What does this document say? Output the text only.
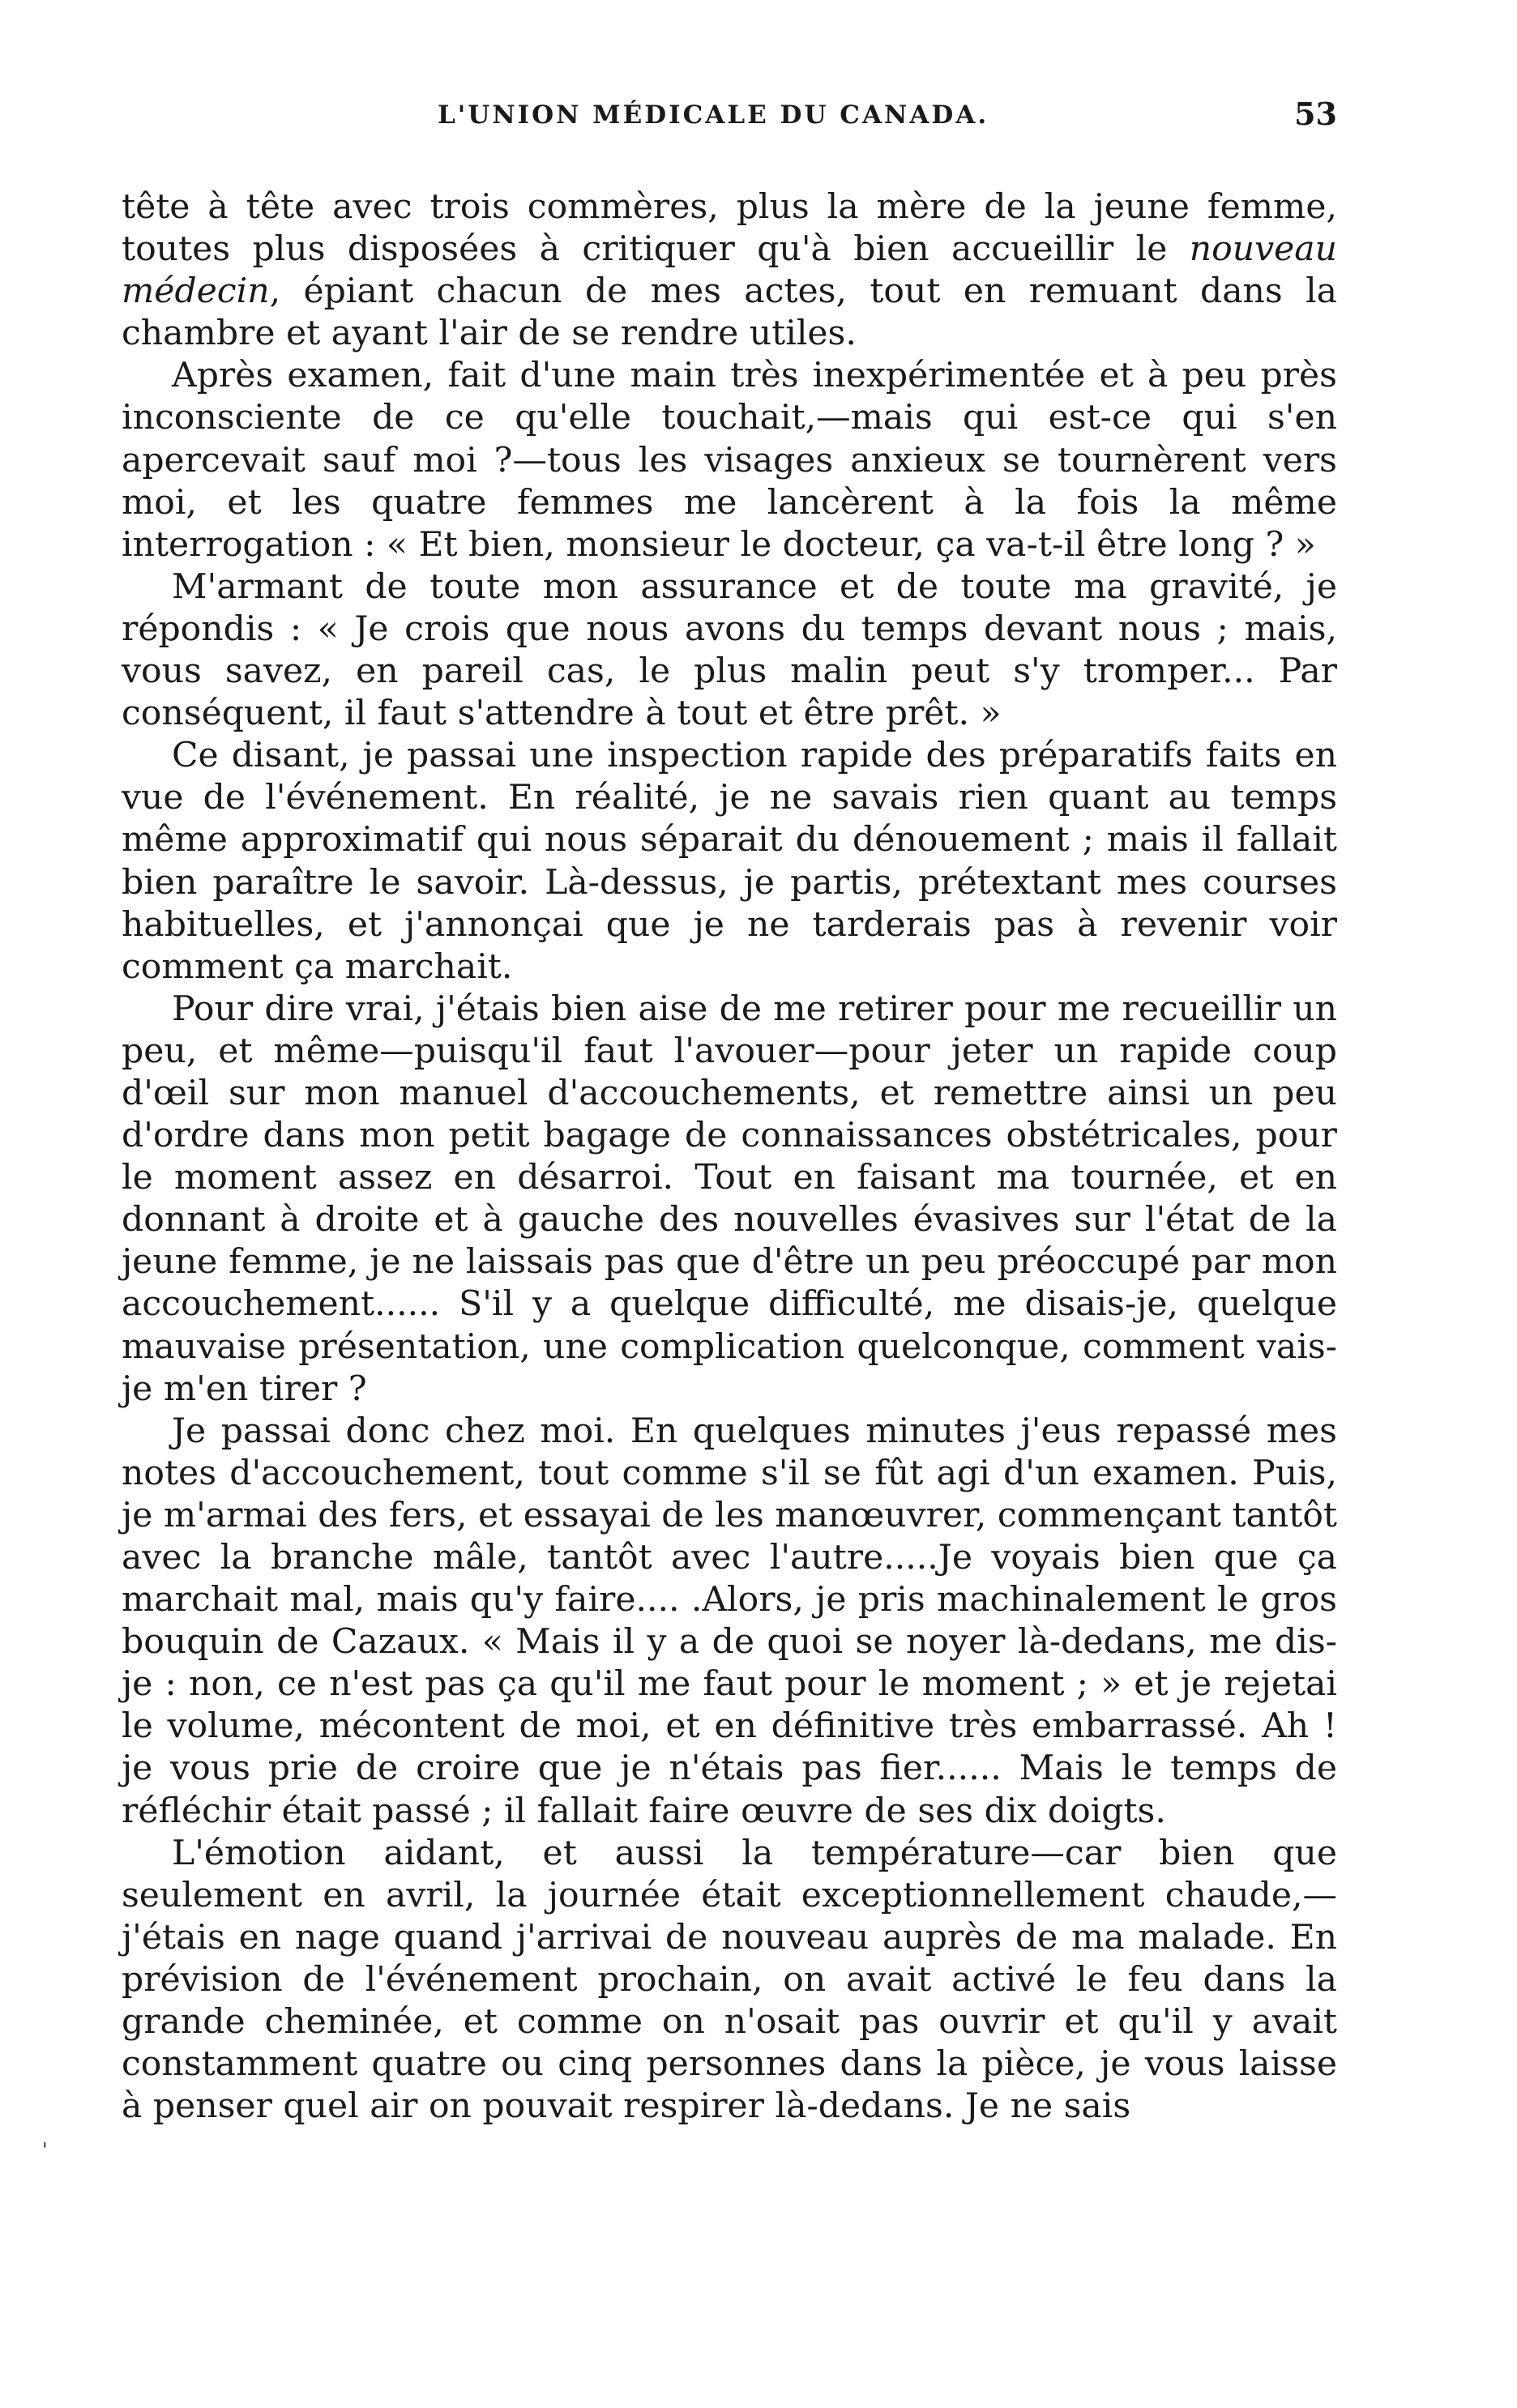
L'UNION MÉDICALE DU CANADA.	53

tête à tête avec trois commères, plus la mère de la jeune femme, toutes plus disposées à critiquer qu'à bien accueillir le nouveau médecin, épiant chacun de mes actes, tout en remuant dans la chambre et ayant l'air de se rendre utiles.

Après examen, fait d'une main très inexpérimentée et à peu près inconsciente de ce qu'elle touchait,—mais qui est-ce qui s'en apercevait sauf moi ?—tous les visages anxieux se tournèrent vers moi, et les quatre femmes me lancèrent à la fois la même interrogation : « Et bien, monsieur le docteur, ça va-t-il être long ? »

M'armant de toute mon assurance et de toute ma gravité, je répondis : « Je crois que nous avons du temps devant nous ; mais, vous savez, en pareil cas, le plus malin peut s'y tromper... Par conséquent, il faut s'attendre à tout et être prêt. »

Ce disant, je passai une inspection rapide des préparatifs faits en vue de l'événement. En réalité, je ne savais rien quant au temps même approximatif qui nous séparait du dénouement ; mais il fallait bien paraître le savoir. Là-dessus, je partis, prétextant mes courses habituelles, et j'annonçai que je ne tarderais pas à revenir voir comment ça marchait.

Pour dire vrai, j'étais bien aise de me retirer pour me recueillir un peu, et même—puisqu'il faut l'avouer—pour jeter un rapide coup d'œil sur mon manuel d'accouchements, et remettre ainsi un peu d'ordre dans mon petit bagage de connaissances obstétricales, pour le moment assez en désarroi. Tout en faisant ma tournée, et en donnant à droite et à gauche des nouvelles évasives sur l'état de la jeune femme, je ne laissais pas que d'être un peu préoccupé par mon accouchement...... S'il y a quelque difficulté, me disais-je, quelque mauvaise présentation, une complication quelconque, comment vais-je m'en tirer ?

Je passai donc chez moi. En quelques minutes j'eus repassé mes notes d'accouchement, tout comme s'il se fût agi d'un examen. Puis, je m'armai des fers, et essayai de les manœuvrer, commençant tantôt avec la branche mâle, tantôt avec l'autre.....Je voyais bien que ça marchait mal, mais qu'y faire.... .Alors, je pris machinalement le gros bouquin de Cazaux. « Mais il y a de quoi se noyer là-dedans, me dis-je : non, ce n'est pas ça qu'il me faut pour le moment ; » et je rejetai le volume, mécontent de moi, et en définitive très embarrassé. Ah ! je vous prie de croire que je n'étais pas fier...... Mais le temps de réfléchir était passé ; il fallait faire œuvre de ses dix doigts.

L'émotion aidant, et aussi la température—car bien que seulement en avril, la journée était exceptionnellement chaude,—j'étais en nage quand j'arrivai de nouveau auprès de ma malade. En prévision de l'événement prochain, on avait activé le feu dans la grande cheminée, et comme on n'osait pas ouvrir et qu'il y avait constamment quatre ou cinq personnes dans la pièce, je vous laisse à penser quel air on pouvait respirer là-dedans. Je ne sais

'
